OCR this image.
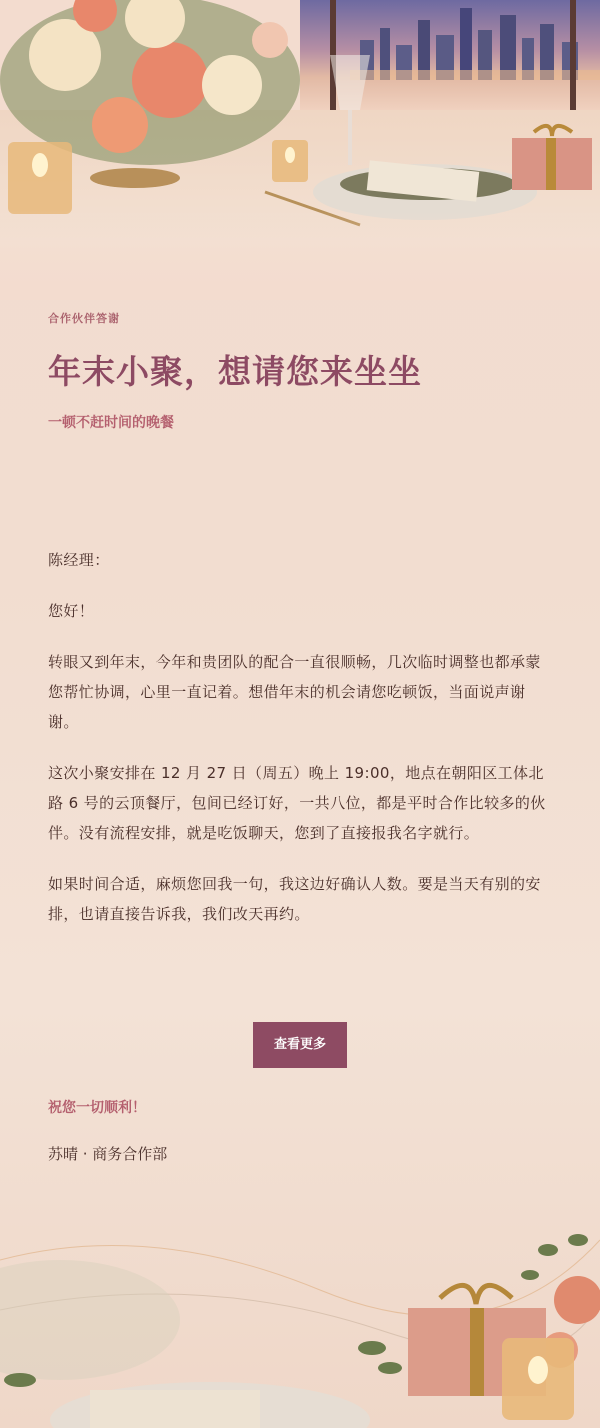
合作伙伴答谢
年末小聚，想请您来坐坐
一顿不赶时间的晚餐

陈经理：

您好！

转眼又到年末，今年和贵团队的配合一直很顺畅，几次临时调整也都承蒙您帮忙协调，心里一直记着。想借年末的机会请您吃顿饭，当面说声谢谢。

这次小聚安排在 12 月 27 日（周五）晚上 19:00，地点在朝阳区工体北路 6 号的云顶餐厅，包间已经订好，一共八位，都是平时合作比较多的伙伴。没有流程安排，就是吃饭聊天，您到了直接报我名字就行。

如果时间合适，麻烦您回我一句，我这边好确认人数。要是当天有别的安排，也请直接告诉我，我们改天再约。

查看更多
祝您一切顺利！
苏晴 · 商务合作部
